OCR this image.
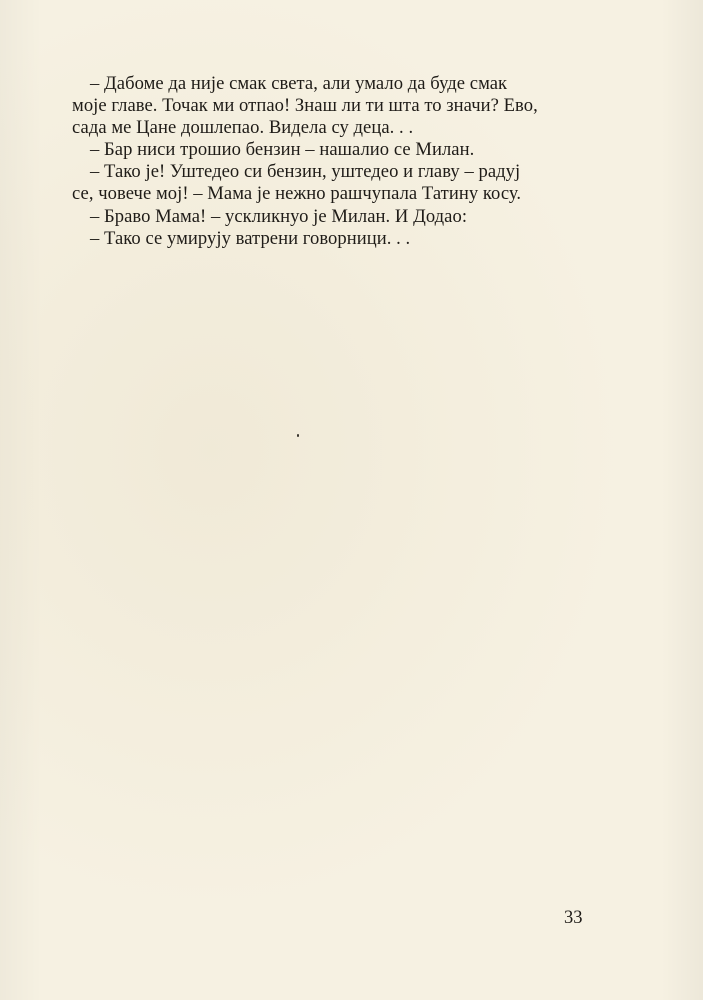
– Дабоме да није смак света, али умало да буде смак
моје главе. Точак ми отпао! Знаш ли ти шта то значи? Ево,
сада ме Цане дошлепао. Видела су деца. . .
– Бар ниси трошио бензин – нашалио се Милан.
– Тако је! Уштедео си бензин, уштедео и главу – радуј
се, човече мој! – Мама је нежно рашчупала Татину косу.
– Браво Мама! – ускликнуо је Милан. И Додао:
– Тако се умирују ватрени говорници. . .
33
